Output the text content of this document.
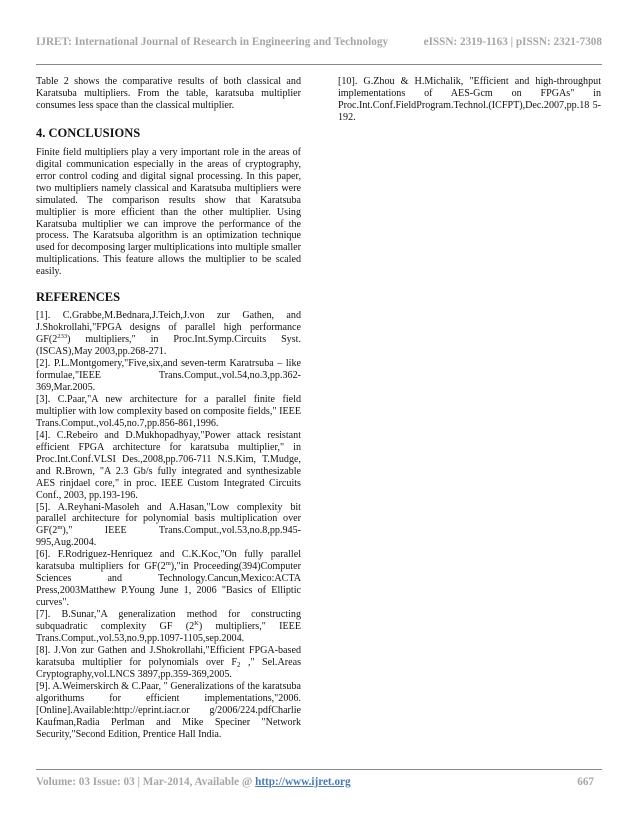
IJRET: International Journal of Research in Engineering and Technology	eISSN: 2319-1163 | pISSN: 2321-7308

Table 2 shows the comparative results of both classical and Karatsuba multipliers. From the table, karatsuba multiplier consumes less space than the classical multiplier.

4. CONCLUSIONS

Finite field multipliers play a very important role in the areas of digital communication especially in the areas of cryptography, error control coding and digital signal processing. In this paper, two multipliers namely classical and Karatsuba multipliers were simulated. The comparison results show that Karatsuba multiplier is more efficient than the other multiplier. Using Karatsuba multiplier we can improve the performance of the process. The Karatsuba algorithm is an optimization technique used for decomposing larger multiplications into multiple smaller multiplications. This feature allows the multiplier to be scaled easily.

REFERENCES

[1]. C.Grabbe,M.Bednara,J.Teich,J.von zur Gathen, and J.Shokrollahi,"FPGA designs of parallel high performance $GF(2^{233})$ multipliers," in Proc.Int.Symp.Circuits Syst.(ISCAS),May 2003,pp.268-271.

[2]. P.L.Montgomery,"Five,six,and seven-term Karatrsuba – like formulae,"IEEE Trans.Comput.,vol.54,no.3,pp.362-369,Mar.2005.

[3]. C.Paar,"A new architecture for a parallel finite field multiplier with low complexity based on composite fields," IEEE Trans.Comput.,vol.45,no.7,pp.856-861,1996.

[4]. C.Rebeiro and D.Mukhopadhyay,"Power attack resistant efficient FPGA architecture for karatsuba multiplier," in Proc.Int.Conf.VLSI Des.,2008,pp.706-711 N.S.Kim, T.Mudge, and R.Brown, "A 2.3 Gb/s fully integrated and synthesizable AES rinjdael core," in proc. IEEE Custom Integrated Circuits Conf., 2003, pp.193-196.

[5]. A.Reyhani-Masoleh and A.Hasan,"Low complexity bit parallel architecture for polynomial basis multiplication over GF(2$^m$)," IEEE Trans.Comput.,vol.53,no.8,pp.945-995,Aug.2004.

[6]. F.Rodriguez-Henriquez and C.K.Koc,"On fully parallel karatsuba multipliers for GF(2$^m$),"in Proceeding(394)Computer Sciences and Technology.Cancun,Mexico:ACTA Press,2003Matthew P.Young June 1, 2006 "Basics of Elliptic curves".

[7]. B.Sunar,"A generalization method for constructing subquadratic complexity GF $(2^K)$ multipliers," IEEE Trans.Comput.,vol.53,no.9,pp.1097-1105,sep.2004.

[8]. J.Von zur Gathen and J.Shokrollahi,"Efficient FPGA-based karatsuba multiplier for polynomials over $F_2$ ," Sel.Areas Cryptography,vol.LNCS 3897,pp.359-369,2005.

[9]. A.Weimerskirch & C.Paar, " Generalizations of the karatsuba algorithums for efficient implementations,"2006.[Online].Available:http://eprint.iacr.or g/2006/224.pdfCharlie Kaufman,Radia Perlman and Mike Speciner "Network Security,"Second Edition, Prentice Hall India.

[10]. G.Zhou & H.Michalik, "Efficient and high-throughput implementations of AES-Gcm on FPGAs" in Proc.Int.Conf.FieldProgram.Technol.(ICFPT),Dec.2007,pp.18 5-192.

Volume: 03 Issue: 03 | Mar-2014, Available @ http://www.ijret.org	667
